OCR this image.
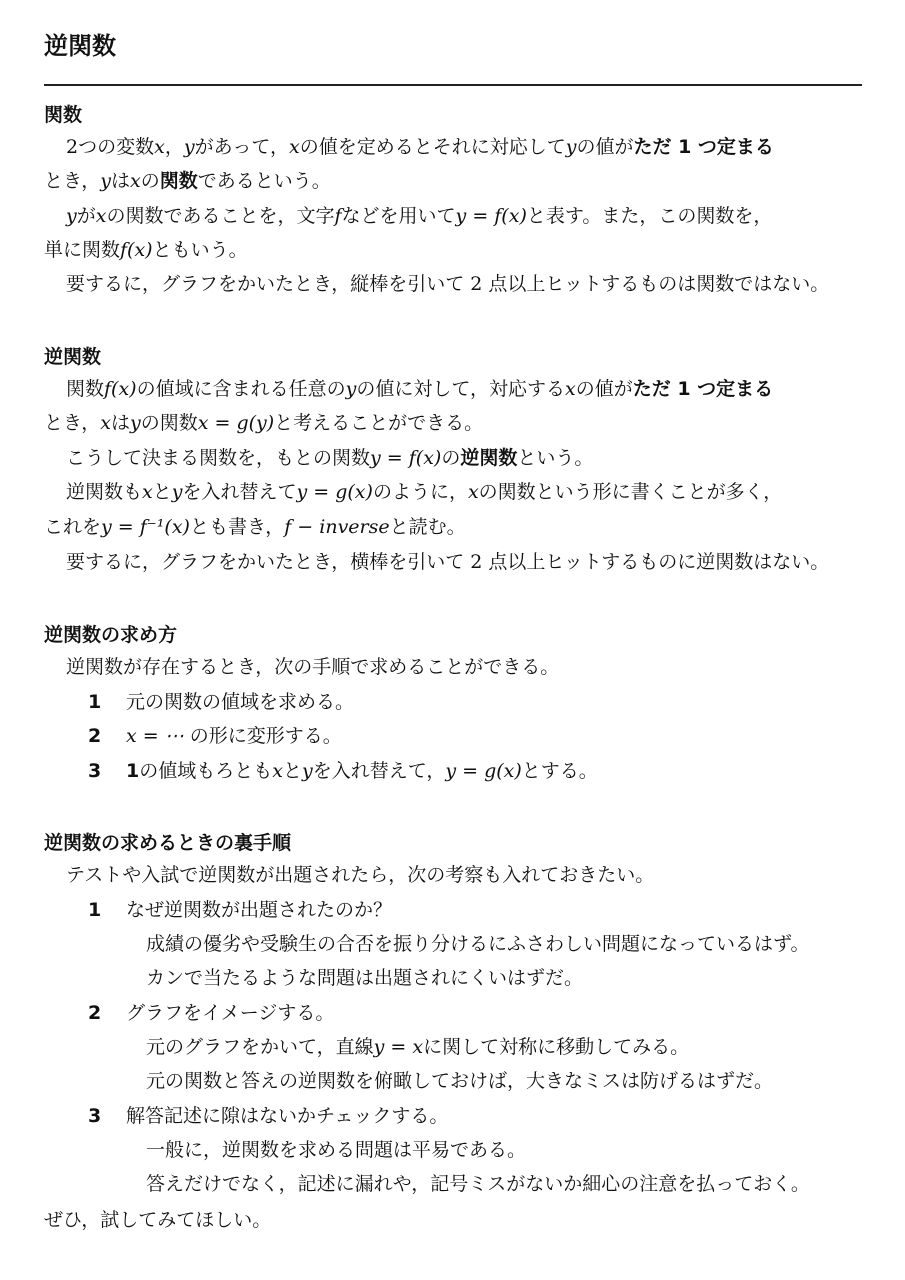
逆関数
関数
2つの変数x，yがあって，xの値を定めるとそれに対応してyの値がただ 1 つ定まる
とき，yはxの関数であるという。
yがxの関数であることを，文字fなどを用いてy = f(x)と表す。また，この関数を，
単に関数f(x)ともいう。
要するに，グラフをかいたとき，縦棒を引いて 2 点以上ヒットするものは関数ではない。
逆関数
関数f(x)の値域に含まれる任意のyの値に対して，対応するxの値がただ 1 つ定まる
とき，xはyの関数x = g(y)と考えることができる。
こうして決まる関数を，もとの関数y = f(x)の逆関数という。
逆関数もxとyを入れ替えてy = g(x)のように，xの関数という形に書くことが多く，
これをy = f⁻¹(x)とも書き，f − inverseと読む。
要するに，グラフをかいたとき，横棒を引いて 2 点以上ヒットするものに逆関数はない。
逆関数の求め方
逆関数が存在するとき，次の手順で求めることができる。
1 元の関数の値域を求める。
2 x = ⋯ の形に変形する。
3 1の値域もろともxとyを入れ替えて，y = g(x)とする。
逆関数の求めるときの裏手順
テストや入試で逆関数が出題されたら，次の考察も入れておきたい。
1 なぜ逆関数が出題されたのか？
成績の優劣や受験生の合否を振り分けるにふさわしい問題になっているはず。
カンで当たるような問題は出題されにくいはずだ。
2 グラフをイメージする。
元のグラフをかいて，直線y = xに関して対称に移動してみる。
元の関数と答えの逆関数を俯瞰しておけば，大きなミスは防げるはずだ。
3 解答記述に隙はないかチェックする。
一般に，逆関数を求める問題は平易である。
答えだけでなく，記述に漏れや，記号ミスがないか細心の注意を払っておく。
ぜひ，試してみてほしい。
